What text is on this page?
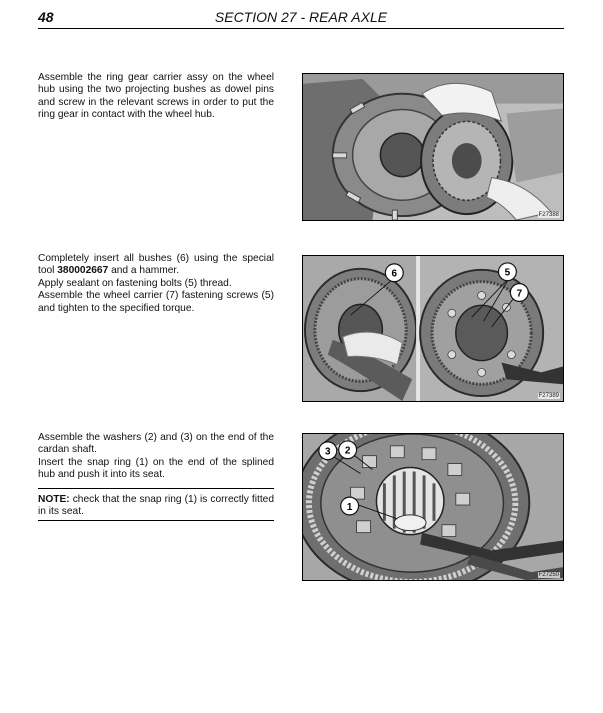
48	SECTION 27 - REAR AXLE

Assemble the ring gear carrier assy on the wheel hub using the two projecting bushes as dowel pins and screw in the relevant screws in order to put the ring gear in contact with the wheel hub.

F27388

Completely insert all bushes (6) using the special tool 380002667 and a hammer.

Apply sealant on fastening bolts (5) thread.

Assemble the wheel carrier (7) fastening screws (5) and tighten to the specified torque.

6	5
7
F27389

Assemble the washers (2) and (3) on the end of the cardan shaft.

Insert the snap ring (1) on the end of the splined hub and push it into its seat.

NOTE: check that the snap ring (1) is correctly fitted in its seat.

3 2
1
F27250
